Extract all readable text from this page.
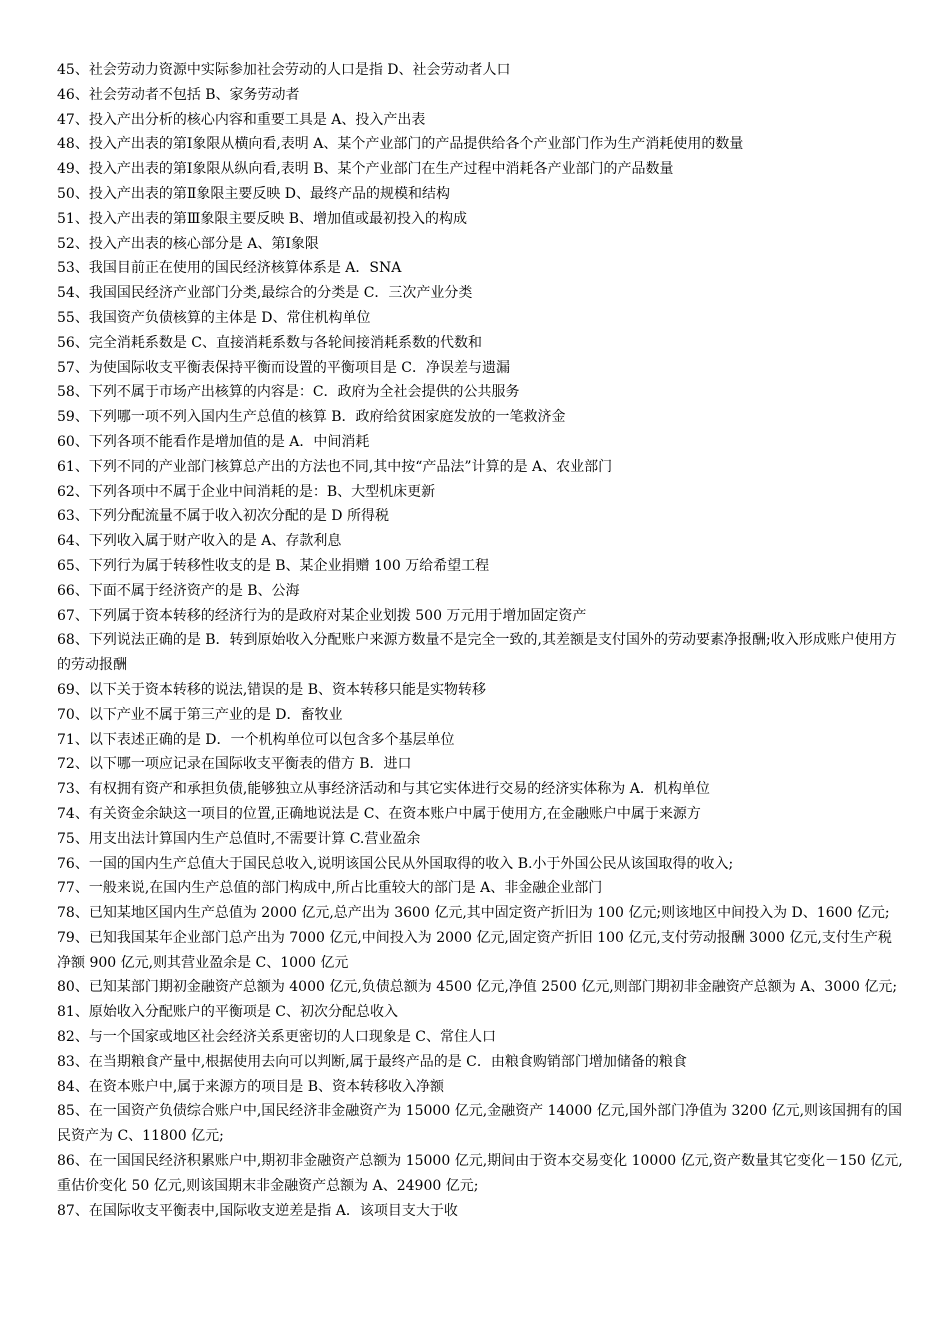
45、社会劳动力资源中实际参加社会劳动的人口是指 D、社会劳动者人口
46、社会劳动者不包括 B、家务劳动者
47、投入产出分析的核心内容和重要工具是 A、投入产出表
48、投入产出表的第Ⅰ象限从横向看,表明 A、某个产业部门的产品提供给各个产业部门作为生产消耗使用的数量
49、投入产出表的第Ⅰ象限从纵向看,表明 B、某个产业部门在生产过程中消耗各产业部门的产品数量
50、投入产出表的第Ⅱ象限主要反映 D、最终产品的规模和结构
51、投入产出表的第Ⅲ象限主要反映 B、增加值或最初投入的构成
52、投入产出表的核心部分是 A、第Ⅰ象限
53、我国目前正在使用的国民经济核算体系是 A．SNA
54、我国国民经济产业部门分类,最综合的分类是 C．三次产业分类
55、我国资产负债核算的主体是 D、常住机构单位
56、完全消耗系数是 C、直接消耗系数与各轮间接消耗系数的代数和
57、为使国际收支平衡表保持平衡而设置的平衡项目是 C．净误差与遗漏
58、下列不属于市场产出核算的内容是：C．政府为全社会提供的公共服务
59、下列哪一项不列入国内生产总值的核算 B．政府给贫困家庭发放的一笔救济金
60、下列各项不能看作是增加值的是 A．中间消耗
61、下列不同的产业部门核算总产出的方法也不同,其中按“产品法”计算的是 A、农业部门
62、下列各项中不属于企业中间消耗的是：B、大型机床更新
63、下列分配流量不属于收入初次分配的是 D 所得税
64、下列收入属于财产收入的是 A、存款利息
65、下列行为属于转移性收支的是 B、某企业捐赠 100 万给希望工程
66、下面不属于经济资产的是 B、公海
67、下列属于资本转移的经济行为的是政府对某企业划拨 500 万元用于增加固定资产
68、下列说法正确的是 B．转到原始收入分配账户来源方数量不是完全一致的,其差额是支付国外的劳动要素净报酬;收入形成账户使用方的劳动报酬
69、以下关于资本转移的说法,错误的是 B、资本转移只能是实物转移
70、以下产业不属于第三产业的是 D．畜牧业
71、以下表述正确的是 D．一个机构单位可以包含多个基层单位
72、以下哪一项应记录在国际收支平衡表的借方 B．进口
73、有权拥有资产和承担负债,能够独立从事经济活动和与其它实体进行交易的经济实体称为 A．机构单位
74、有关资金余缺这一项目的位置,正确地说法是 C、在资本账户中属于使用方,在金融账户中属于来源方
75、用支出法计算国内生产总值时,不需要计算 C.营业盈余
76、一国的国内生产总值大于国民总收入,说明该国公民从外国取得的收入 B.小于外国公民从该国取得的收入;
77、一般来说,在国内生产总值的部门构成中,所占比重较大的部门是 A、非金融企业部门
78、已知某地区国内生产总值为 2000 亿元,总产出为 3600 亿元,其中固定资产折旧为 100 亿元;则该地区中间投入为 D、1600 亿元;
79、已知我国某年企业部门总产出为 7000 亿元,中间投入为 2000 亿元,固定资产折旧 100 亿元,支付劳动报酬 3000 亿元,支付生产税净额 900 亿元,则其营业盈余是 C、1000 亿元
80、已知某部门期初金融资产总额为 4000 亿元,负债总额为 4500 亿元,净值 2500 亿元,则部门期初非金融资产总额为 A、3000 亿元;
81、原始收入分配账户的平衡项是 C、初次分配总收入
82、与一个国家或地区社会经济关系更密切的人口现象是 C、常住人口
83、在当期粮食产量中,根据使用去向可以判断,属于最终产品的是 C．由粮食购销部门增加储备的粮食
84、在资本账户中,属于来源方的项目是 B、资本转移收入净额
85、在一国资产负债综合账户中,国民经济非金融资产为 15000 亿元,金融资产 14000 亿元,国外部门净值为 3200 亿元,则该国拥有的国民资产为 C、11800 亿元;
86、在一国国民经济积累账户中,期初非金融资产总额为 15000 亿元,期间由于资本交易变化 10000 亿元,资产数量其它变化－150 亿元,重估价变化 50 亿元,则该国期末非金融资产总额为 A、24900 亿元;
87、在国际收支平衡表中,国际收支逆差是指 A．该项目支大于收
